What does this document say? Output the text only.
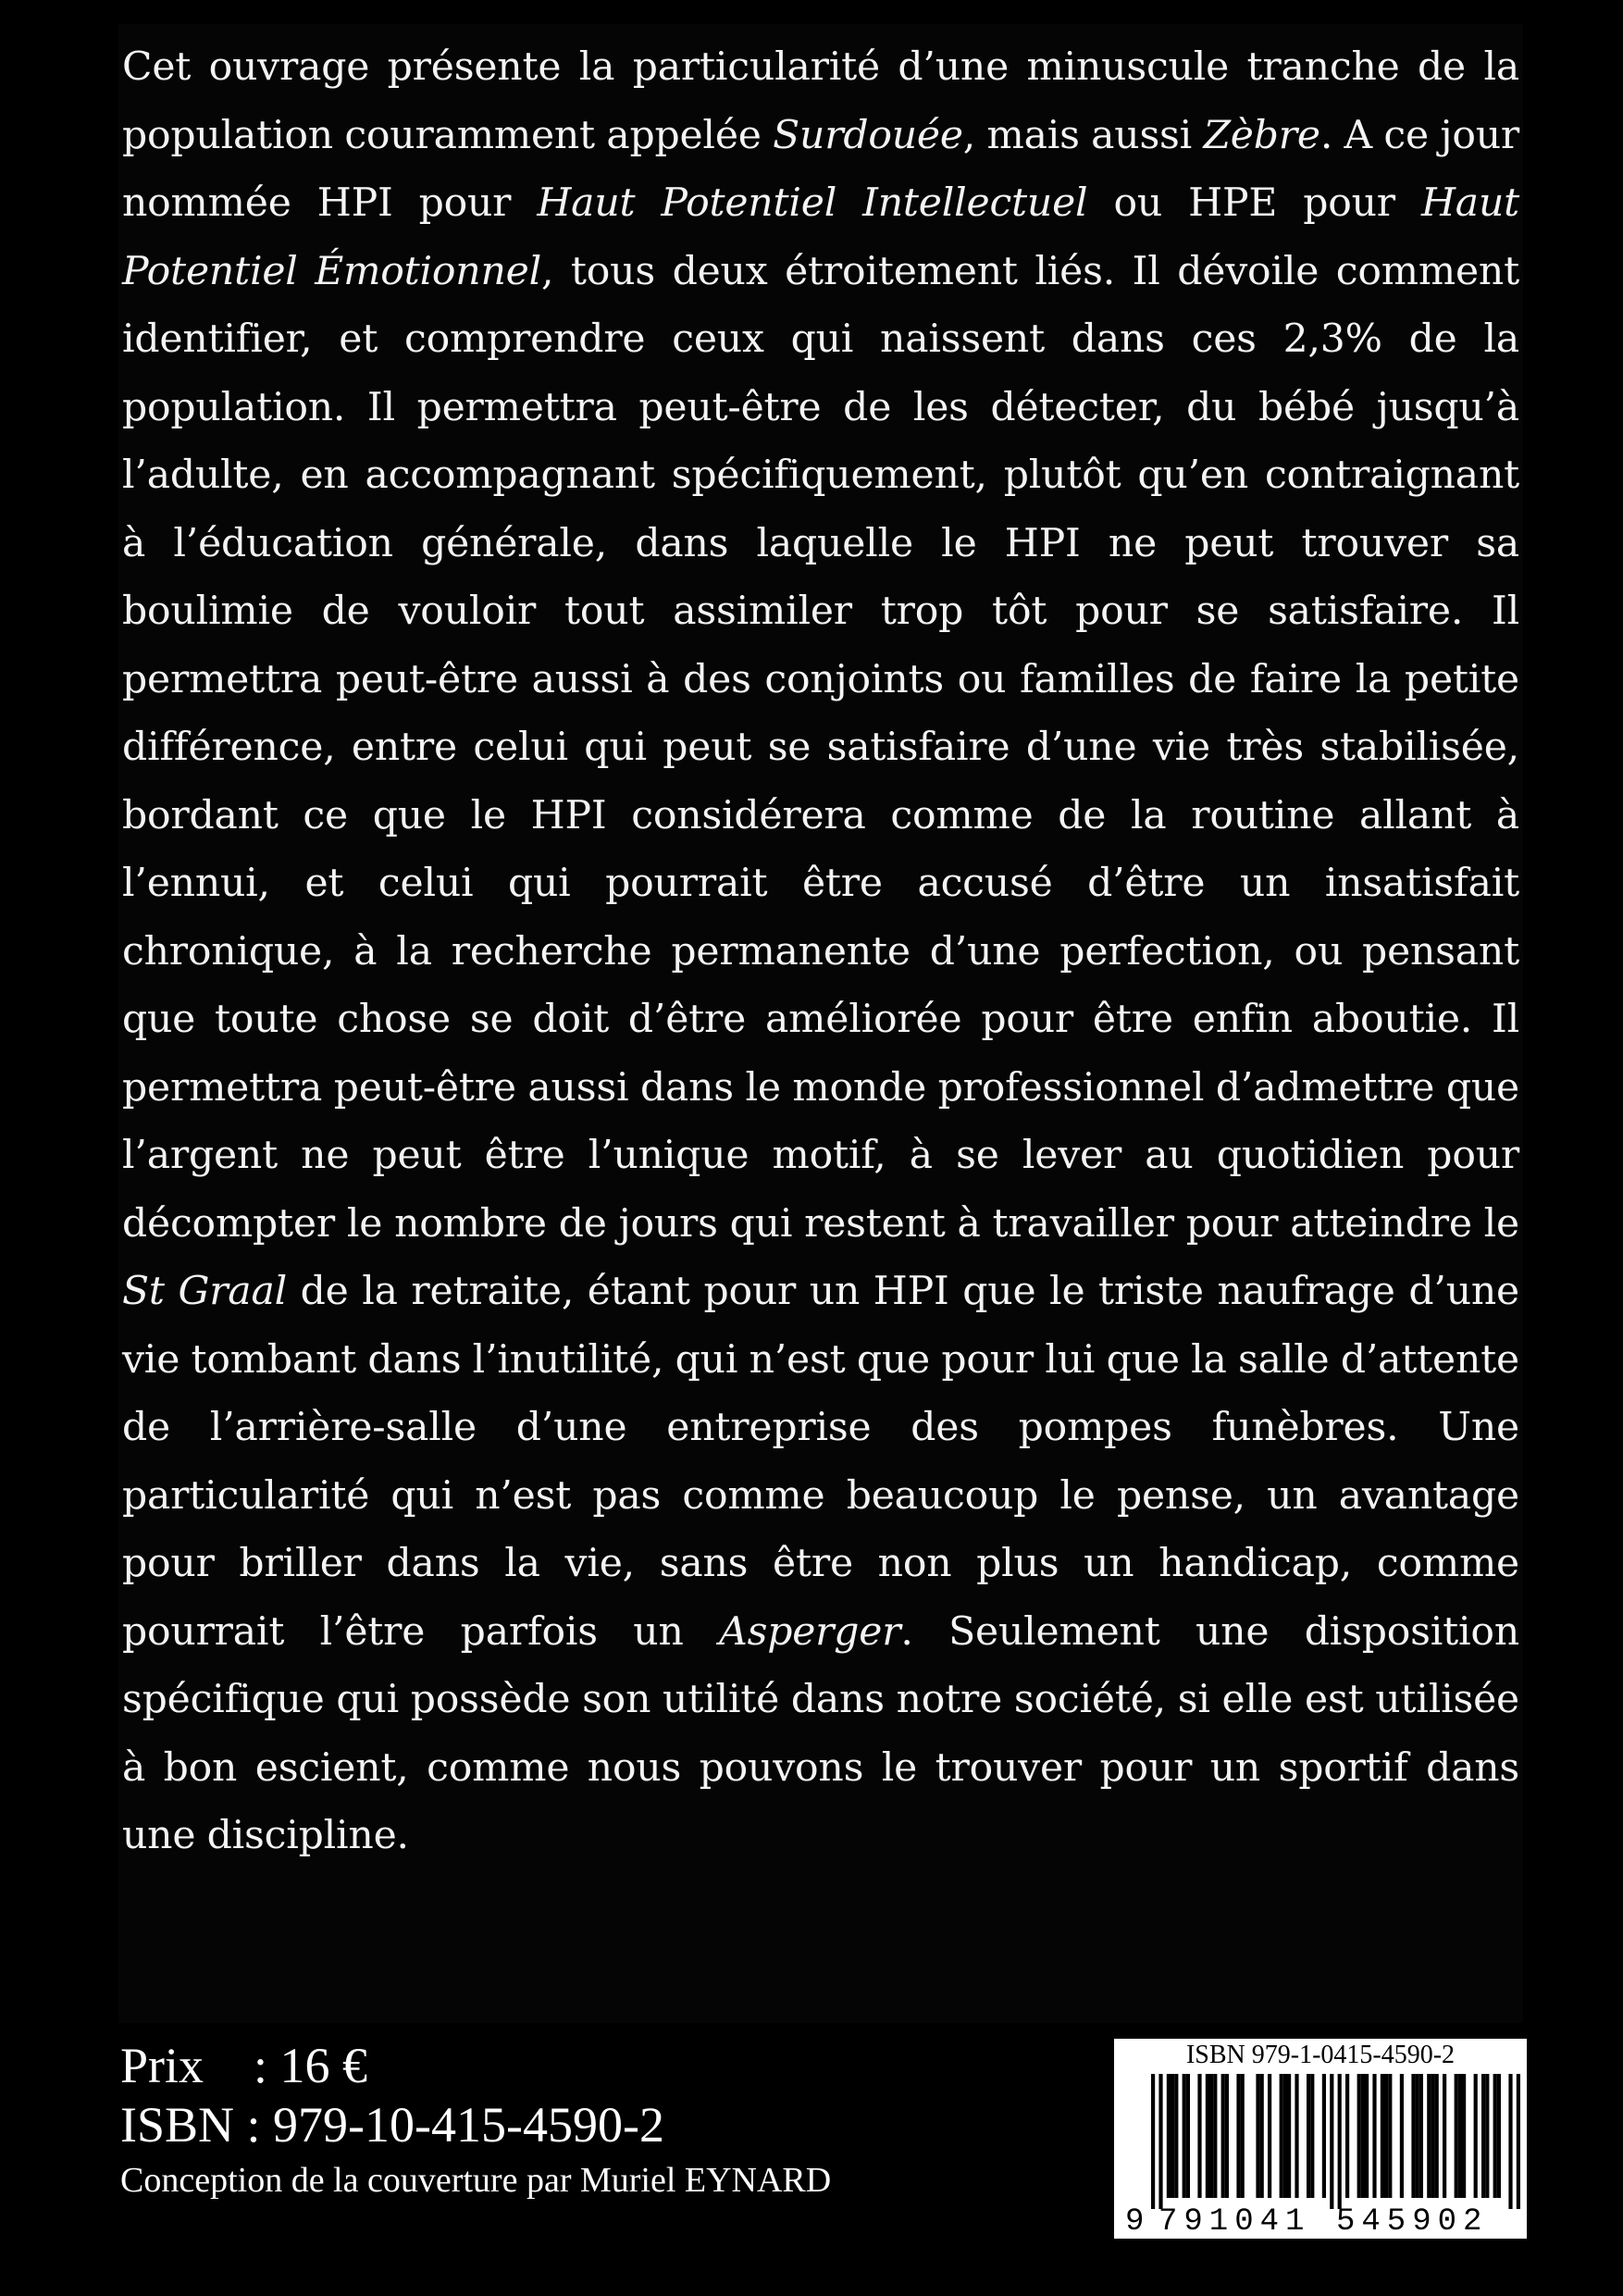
Cet ouvrage présente la particularité d’une minuscule tranche de la population couramment appelée Surdouée, mais aussi Zèbre. A ce jour nommée HPI pour Haut Potentiel Intellectuel ou HPE pour Haut Potentiel Émotionnel, tous deux étroitement liés. Il dévoile comment identifier, et comprendre ceux qui naissent dans ces 2,3% de la population. Il permettra peut-être de les détecter, du bébé jusqu’à l’adulte, en accompagnant spécifiquement, plutôt qu’en contraignant à l’éducation générale, dans laquelle le HPI ne peut trouver sa boulimie de vouloir tout assimiler trop tôt pour se satisfaire. Il permettra peut-être aussi à des conjoints ou familles de faire la petite différence, entre celui qui peut se satisfaire d’une vie très stabilisée, bordant ce que le HPI considérera comme de la routine allant à l’ennui, et celui qui pourrait être accusé d’être un insatisfait chronique, à la recherche permanente d’une perfection, ou pensant que toute chose se doit d’être améliorée pour être enfin aboutie. Il permettra peut-être aussi dans le monde professionnel d’admettre que l’argent ne peut être l’unique motif, à se lever au quotidien pour décompter le nombre de jours qui restent à travailler pour atteindre le St Graal de la retraite, étant pour un HPI que le triste naufrage d’une vie tombant dans l’inutilité, qui n’est que pour lui que la salle d’attente de l’arrière-salle d’une entreprise des pompes funèbres. Une particularité qui n’est pas comme beaucoup le pense, un avantage pour briller dans la vie, sans être non plus un handicap, comme pourrait l’être parfois un Asperger. Seulement une disposition spécifique qui possède son utilité dans notre société, si elle est utilisée à bon escient, comme nous pouvons le trouver pour un sportif dans une discipline.

Prix    : 16 €
ISBN : 979-10-415-4590-2
Conception de la couverture par Muriel EYNARD
ISBN 979-1-0415-4590-2
9 791041 545902
